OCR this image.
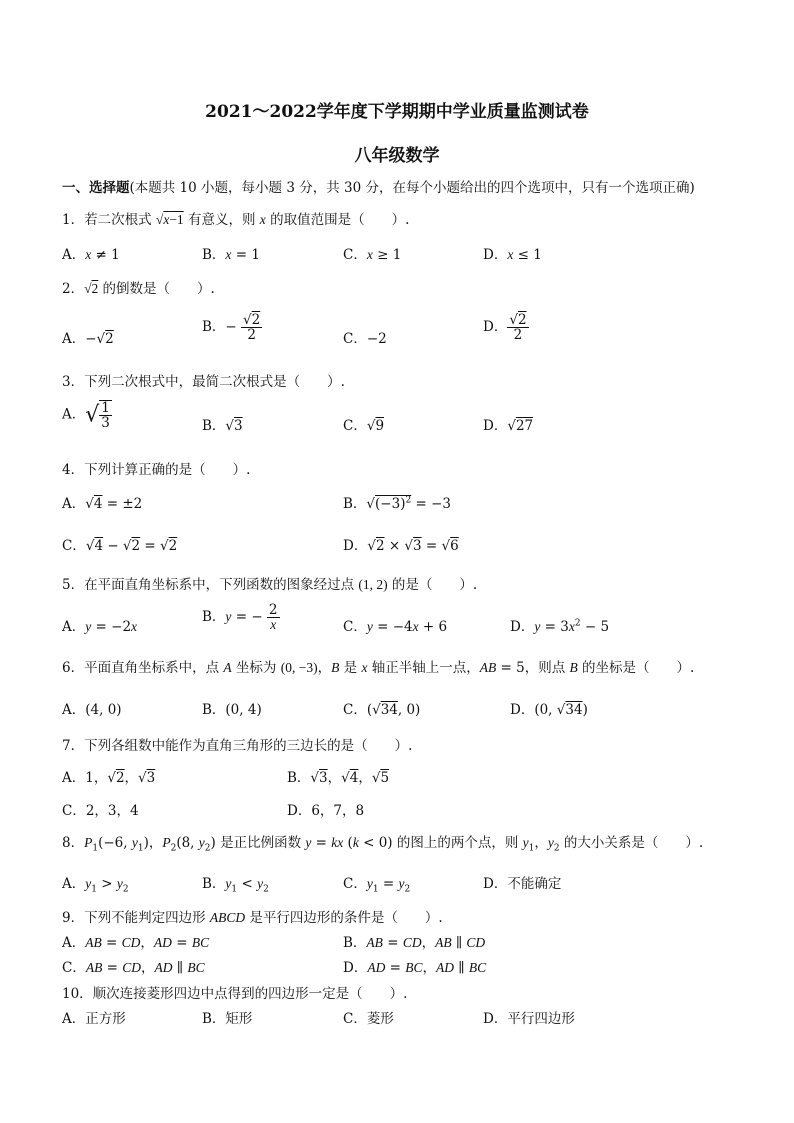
2021～2022学年度下学期期中学业质量监测试卷
八年级数学
一、选择题(本题共 10 小题，每小题 3 分，共 30 分，在每个小题给出的四个选项中，只有一个选项正确)
1．若二次根式 √x−1 有意义，则 x 的取值范围是（　　）.
A．x ≠ 1	B．x = 1	C．x ≥ 1	D．x ≤ 1
2．√2 的倒数是（　　）.
A．−√2
B．− $\frac{√2}{2}$	C．−2
D． $\frac{√2}{2}$
3．下列二次根式中，最简二次根式是（　　）.
A．√ $\frac{1}{3}$	B．√3	C．√9	D．√27
4．下列计算正确的是（　　）.
A．√4 = ±2	B．$√(-3)^2 = -3$
C．√4 − √2 = √2	D．√2 × √3 = √6
5．在平面直角坐标系中，下列函数的图象经过点 (1, 2) 的是（　　）.
A．y = −2x
B．y = − $\frac{2}{x}$	C．y = −4x + 6	D．$y = 3x^2 - 5$
6．平面直角坐标系中，点 A 坐标为 (0, −3)，B 是 x 轴正半轴上一点，AB = 5，则点 B 的坐标是（　　）.
A．(4, 0)	B．(0, 4)	C．(√34, 0)	D．(0, √34)
7．下列各组数中能作为直角三角形的三边长的是（　　）.
A．1，√2，√3	B．√3，√4，√5
C．2，3，4	D．6，7，8
8．$P_1(-6$, $y_1$)，$P_2(8$, $y_2$) 是正比例函数 y = kx (k < 0) 的图上的两个点，则 $y_1$，$y_2$ 的大小关系是（　　）.
A．$y_1 > y_2$	B．$y_1 < y_2$	C．$y_1 = y_2$	D．不能确定
9．下列不能判定四边形 ABCD 是平行四边形的条件是（　　）.
A．AB = CD，AD = BC	B．AB = CD，AB ∥ CD
C．AB = CD，AD ∥ BC	D．AD = BC，AD ∥ BC
10．顺次连接菱形四边中点得到的四边形一定是（　　）.
A．正方形	B．矩形	C．菱形	D．平行四边形
